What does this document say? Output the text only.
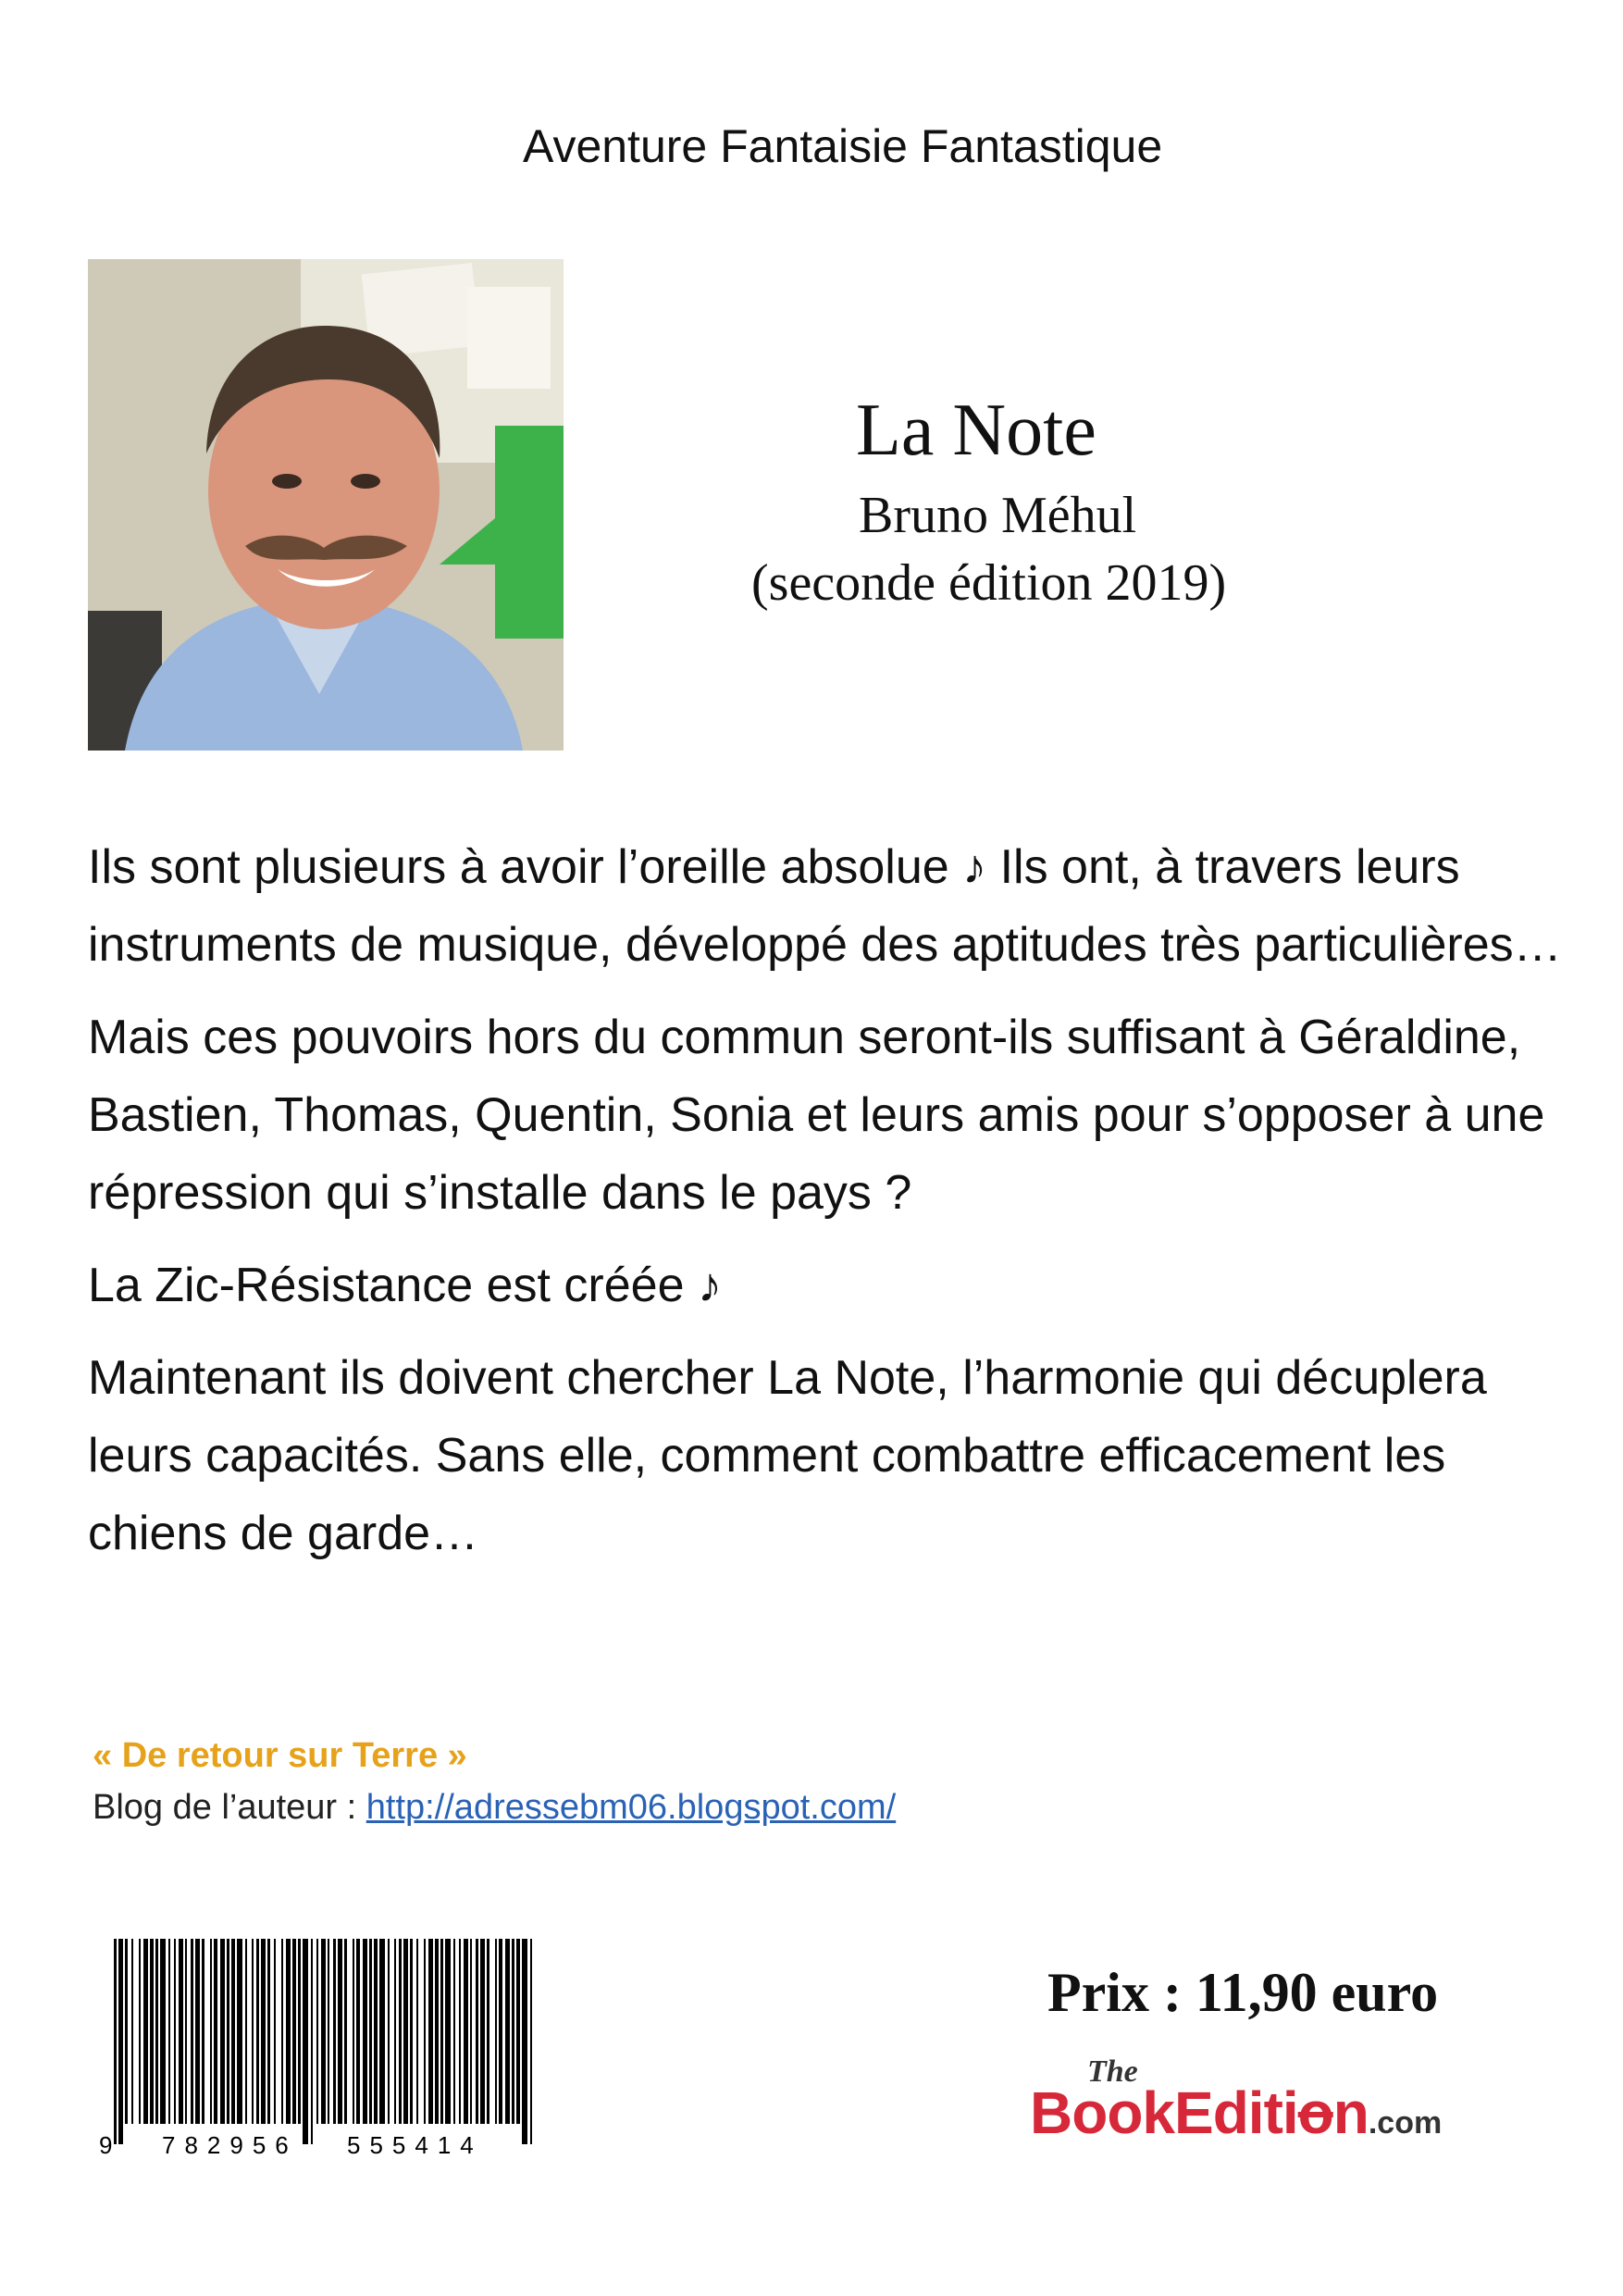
Aventure Fantaisie Fantastique
La Note
Bruno Méhul
(seconde édition 2019)

Ils sont plusieurs à avoir l’oreille absolue ♪ Ils ont, à travers leurs instruments de musique, développé des aptitudes très particulières…

Mais ces pouvoirs hors du commun seront-ils suffisant à Géraldine, Bastien, Thomas, Quentin, Sonia et leurs amis pour s’opposer à une répression qui s’installe dans le pays ?

La Zic-Résistance est créée ♪

Maintenant ils doivent chercher La Note, l’harmonie qui décuplera leurs capacités. Sans elle, comment combattre efficacement les chiens de garde…

« De retour sur Terre »
Blog de l’auteur : http://adressebm06.blogspot.com/
9 782956 555414
Prix : 11,90 euro
The
BookEdition.com
